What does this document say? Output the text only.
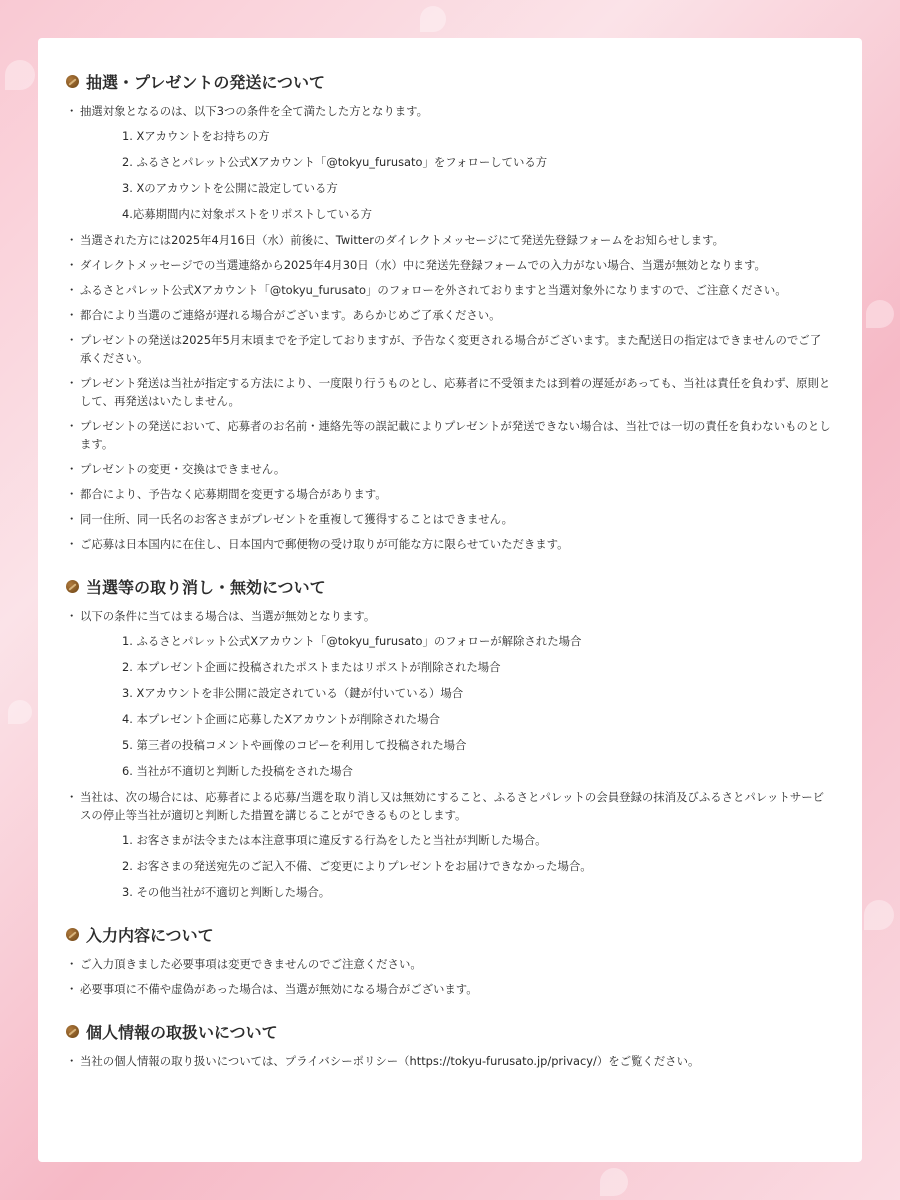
抽選・プレゼントの発送について
・ 抽選対象となるのは、以下3つの条件を全て満たした方となります。
1. Xアカウントをお持ちの方
2. ふるさとパレット公式Xアカウント「@tokyu_furusato」をフォローしている方
3. Xのアカウントを公開に設定している方
4.応募期間内に対象ポストをリポストしている方
・ 当選された方には2025年4月16日（水）前後に、Twitterのダイレクトメッセージにて発送先登録フォームをお知らせします。
・ ダイレクトメッセージでの当選連絡から2025年4月30日（水）中に発送先登録フォームでの入力がない場合、当選が無効となります。
・ ふるさとパレット公式Xアカウント「@tokyu_furusato」のフォローを外されておりますと当選対象外になりますので、ご注意ください。
・ 都合により当選のご連絡が遅れる場合がございます。あらかじめご了承ください。
・ プレゼントの発送は2025年5月末頃までを予定しておりますが、予告なく変更される場合がございます。また配送日の指定はできませんのでご了承ください。
・ プレゼント発送は当社が指定する方法により、一度限り行うものとし、応募者に不受領または到着の遅延があっても、当社は責任を負わず、原則として、再発送はいたしません。
・ プレゼントの発送において、応募者のお名前・連絡先等の誤記載によりプレゼントが発送できない場合は、当社では一切の責任を負わないものとします。
・ プレゼントの変更・交換はできません。
・ 都合により、予告なく応募期間を変更する場合があります。
・ 同一住所、同一氏名のお客さまがプレゼントを重複して獲得することはできません。
・ ご応募は日本国内に在住し、日本国内で郵便物の受け取りが可能な方に限らせていただきます。
当選等の取り消し・無効について
・ 以下の条件に当てはまる場合は、当選が無効となります。
1. ふるさとパレット公式Xアカウント「@tokyu_furusato」のフォローが解除された場合
2. 本プレゼント企画に投稿されたポストまたはリポストが削除された場合
3. Xアカウントを非公開に設定されている（鍵が付いている）場合
4. 本プレゼント企画に応募したXアカウントが削除された場合
5. 第三者の投稿コメントや画像のコピーを利用して投稿された場合
6. 当社が不適切と判断した投稿をされた場合
・ 当社は、次の場合には、応募者による応募/当選を取り消し又は無効にすること、ふるさとパレットの会員登録の抹消及びふるさとパレットサービスの停止等当社が適切と判断した措置を講じることができるものとします。
1. お客さまが法令または本注意事項に違反する行為をしたと当社が判断した場合。
2. お客さまの発送宛先のご記入不備、ご変更によりプレゼントをお届けできなかった場合。
3. その他当社が不適切と判断した場合。
入力内容について
・ ご入力頂きました必要事項は変更できませんのでご注意ください。
・ 必要事項に不備や虚偽があった場合は、当選が無効になる場合がございます。
個人情報の取扱いについて
・ 当社の個人情報の取り扱いについては、プライバシーポリシー（https://tokyu-furusato.jp/privacy/）をご覧ください。
